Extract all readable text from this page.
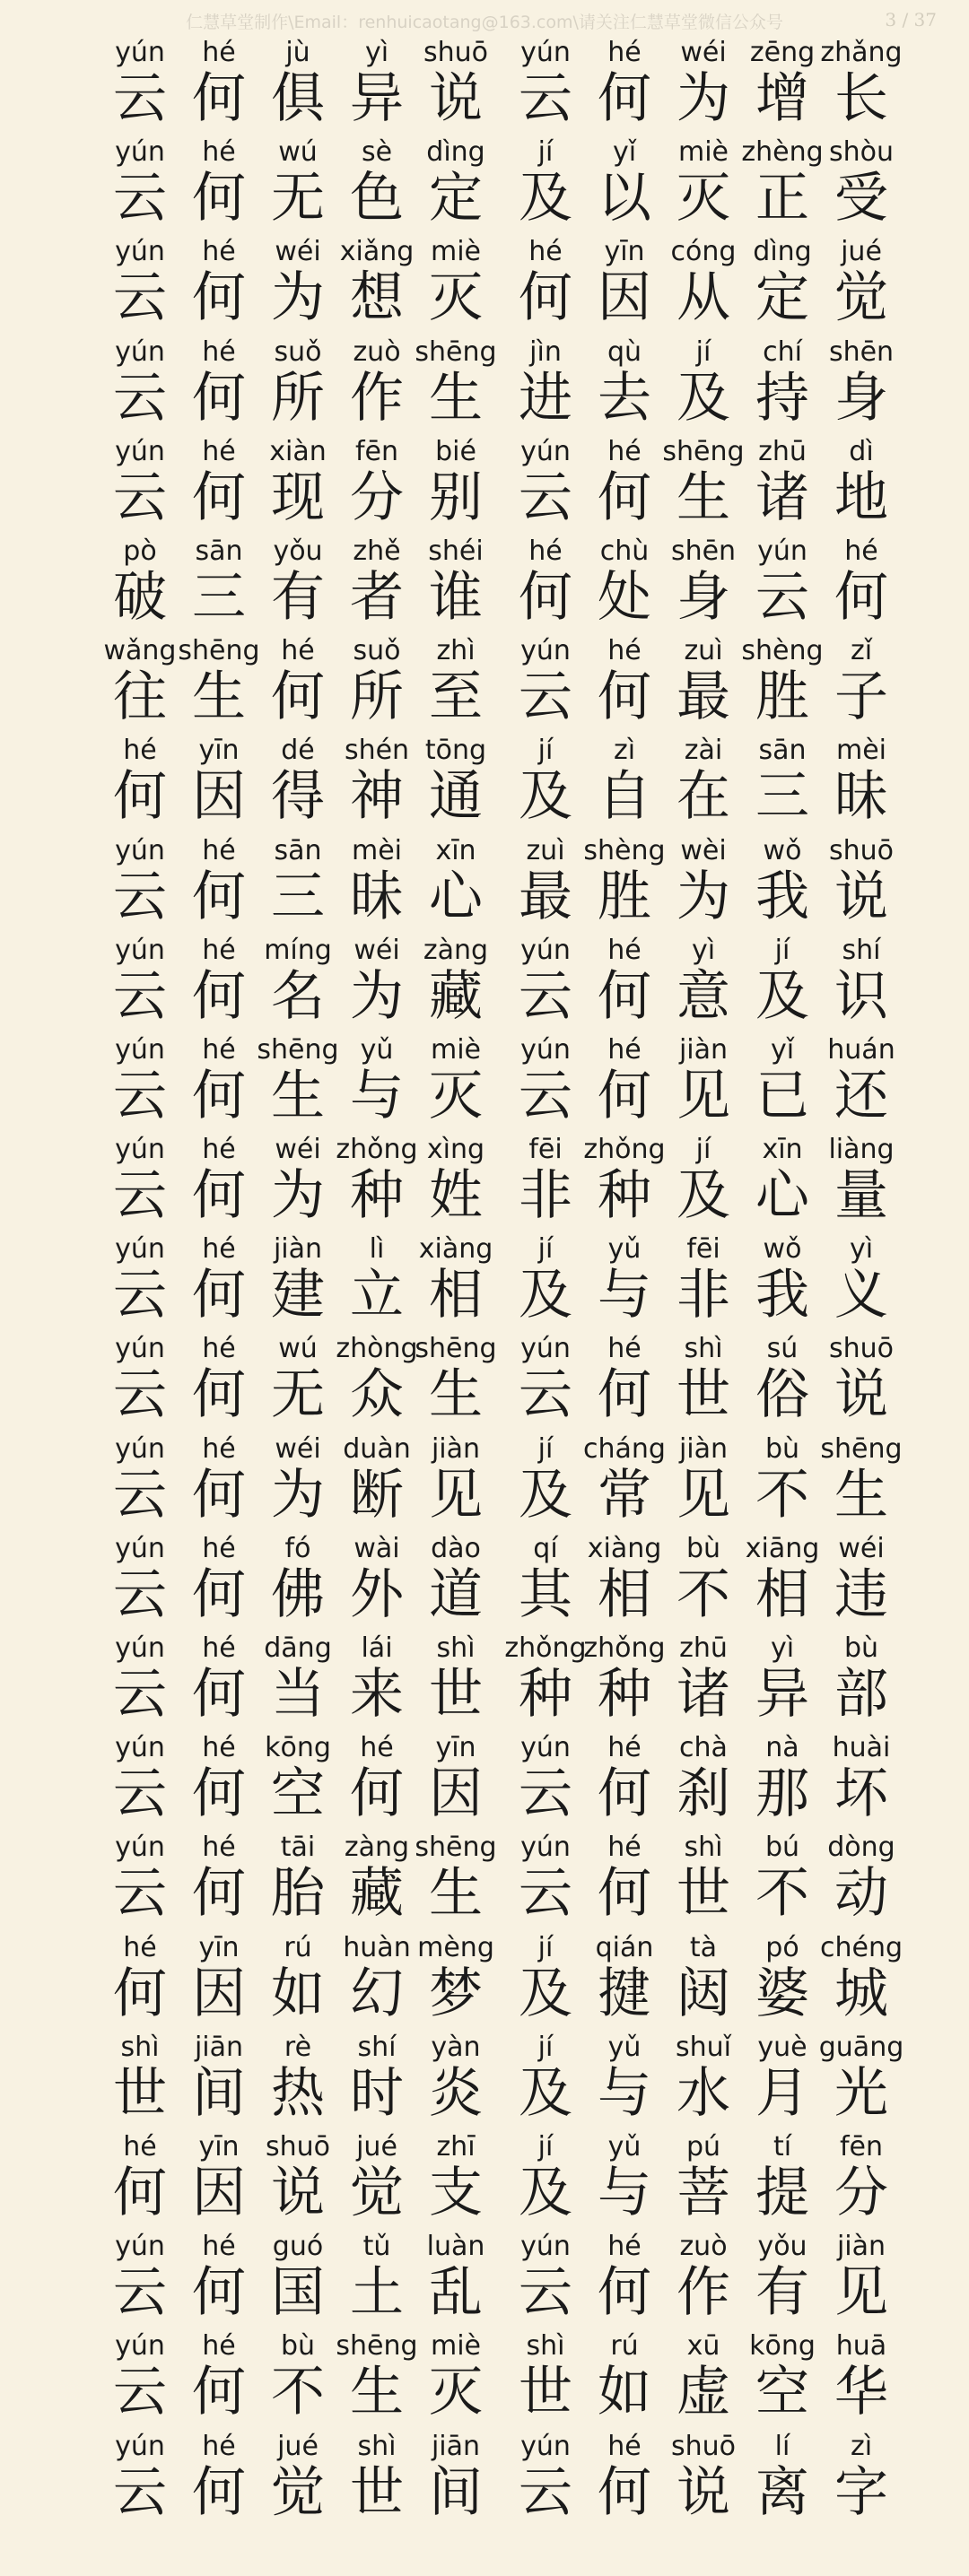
仁慧草堂制作\Email：renhuicaotang@163.com\请关注仁慧草堂微信公众号	3 / 37
yún
云
hé
何
jù
俱
yì
异
shuō
说
yún
云
hé
何
wéi
为
zēng
增
zhǎng
长
yún
云
hé
何
wú
无
sè
色
dìng
定
jí
及
yǐ
以
miè
灭
zhèng
正
shòu
受
yún
云
hé
何
wéi
为
xiǎng
想
miè
灭
hé
何
yīn
因
cóng
从
dìng
定
jué
觉
yún
云
hé
何
suǒ
所
zuò
作
shēng
生
jìn
进
qù
去
jí
及
chí
持
shēn
身
yún
云
hé
何
xiàn
现
fēn
分
bié
别
yún
云
hé
何
shēng
生
zhū
诸
dì
地
pò
破
sān
三
yǒu
有
zhě
者
shéi
谁
hé
何
chù
处
shēn
身
yún
云
hé
何
wǎng
往
shēng
生
hé
何
suǒ
所
zhì
至
yún
云
hé
何
zuì
最
shèng
胜
zǐ
子
hé
何
yīn
因
dé
得
shén
神
tōng
通
jí
及
zì
自
zài
在
sān
三
mèi
昧
yún
云
hé
何
sān
三
mèi
昧
xīn
心
zuì
最
shèng
胜
wèi
为
wǒ
我
shuō
说
yún
云
hé
何
míng
名
wéi
为
zàng
藏
yún
云
hé
何
yì
意
jí
及
shí
识
yún
云
hé
何
shēng
生
yǔ
与
miè
灭
yún
云
hé
何
jiàn
见
yǐ
已
huán
还
yún
云
hé
何
wéi
为
zhǒng
种
xìng
姓
fēi
非
zhǒng
种
jí
及
xīn
心
liàng
量
yún
云
hé
何
jiàn
建
lì
立
xiàng
相
jí
及
yǔ
与
fēi
非
wǒ
我
yì
义
yún
云
hé
何
wú
无
zhòng
众
shēng
生
yún
云
hé
何
shì
世
sú
俗
shuō
说
yún
云
hé
何
wéi
为
duàn
断
jiàn
见
jí
及
cháng
常
jiàn
见
bù
不
shēng
生
yún
云
hé
何
fó
佛
wài
外
dào
道
qí
其
xiàng
相
bù
不
xiāng
相
wéi
违
yún
云
hé
何
dāng
当
lái
来
shì
世
zhǒng
种
zhǒng
种
zhū
诸
yì
异
bù
部
yún
云
hé
何
kōng
空
hé
何
yīn
因
yún
云
hé
何
chà
刹
nà
那
huài
坏
yún
云
hé
何
tāi
胎
zàng
藏
shēng
生
yún
云
hé
何
shì
世
bú
不
dòng
动
hé
何
yīn
因
rú
如
huàn
幻
mèng
梦
jí
及
qián
揵
tà
闼
pó
婆
chéng
城
shì
世
jiān
间
rè
热
shí
时
yàn
炎
jí
及
yǔ
与
shuǐ
水
yuè
月
guāng
光
hé
何
yīn
因
shuō
说
jué
觉
zhī
支
jí
及
yǔ
与
pú
菩
tí
提
fēn
分
yún
云
hé
何
guó
国
tǔ
土
luàn
乱
yún
云
hé
何
zuò
作
yǒu
有
jiàn
见
yún
云
hé
何
bù
不
shēng
生
miè
灭
shì
世
rú
如
xū
虚
kōng
空
huā
华
yún
云
hé
何
jué
觉
shì
世
jiān
间
yún
云
hé
何
shuō
说
lí
离
zì
字
